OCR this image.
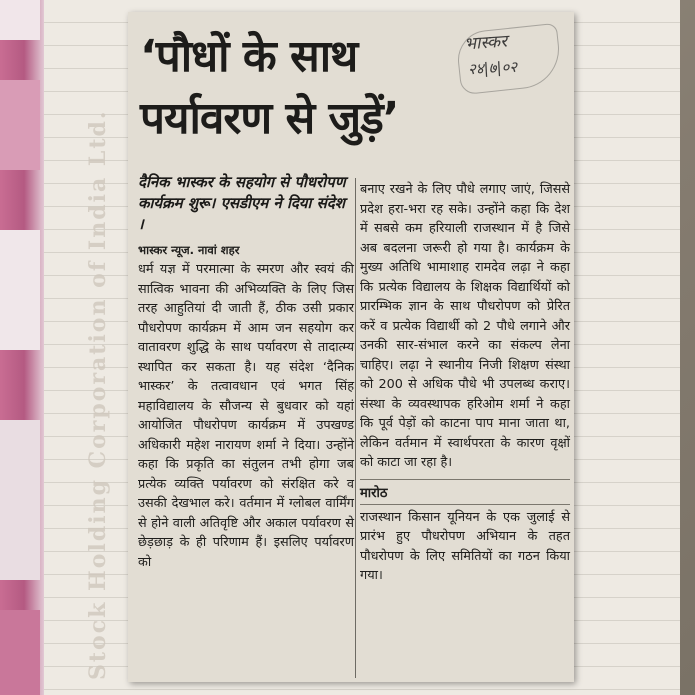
Stock Holding Corporation of India Ltd.
‘पौधों के साथ
पर्यावरण से जुड़ें’
भास्कर
२४|७|०२
दैनिक भास्कर के सहयोग से पौधरोपण कार्यक्रम शुरू। एसडीएम ने दिया संदेश ।
भास्कर न्यूज. नावां शहर
धर्म यज्ञ में परमात्मा के स्मरण और स्वयं की सात्विक भावना की अभिव्यक्ति के लिए जिस तरह आहुतियां दी जाती हैं, ठीक उसी प्रकार पौधरोपण कार्यक्रम में आम जन सहयोग कर वातावरण शुद्धि के साथ पर्यावरण से तादात्म्य स्थापित कर सकता है। यह संदेश ‘दैनिक भास्कर’ के तत्वावधान एवं भगत सिंह महाविद्यालय के सौजन्य से बुधवार को यहां आयोजित पौधरोपण कार्यक्रम में उपखण्ड अधिकारी महेश नारायण शर्मा ने दिया। उन्होंने कहा कि प्रकृति का संतुलन तभी होगा जब प्रत्येक व्यक्ति पर्यावरण को संरक्षित करे व उसकी देखभाल करे। वर्तमान में ग्लोबल वार्मिंग से होने वाली अतिवृष्टि और अकाल पर्यावरण से छेड़छाड़ के ही परिणाम हैं। इसलिए पर्यावरण को
बनाए रखने के लिए पौधे लगाए जाएं, जिससे प्रदेश हरा-भरा रह सके। उन्होंने कहा कि देश में सबसे कम हरियाली राजस्थान में है जिसे अब बदलना जरूरी हो गया है। कार्यक्रम के मुख्य अतिथि भामाशाह रामदेव लढ़ा ने कहा कि प्रत्येक विद्यालय के शिक्षक विद्यार्थियों को प्रारम्भिक ज्ञान के साथ पौधरोपण को प्रेरित करें व प्रत्येक विद्यार्थी को 2 पौधे लगाने और उनकी सार-संभाल करने का संकल्प लेना चाहिए। लढ़ा ने स्थानीय निजी शिक्षण संस्था को 200 से अधिक पौधे भी उपलब्ध कराए। संस्था के व्यवस्थापक हरिओम शर्मा ने कहा कि पूर्व पेड़ों को काटना पाप माना जाता था, लेकिन वर्तमान में स्वार्थपरता के कारण वृक्षों को काटा जा रहा है।
मारोठ
राजस्थान किसान यूनियन के एक जुलाई से प्रारंभ हुए पौधरोपण अभियान के तहत पौधरोपण के लिए समितियों का गठन किया गया।
